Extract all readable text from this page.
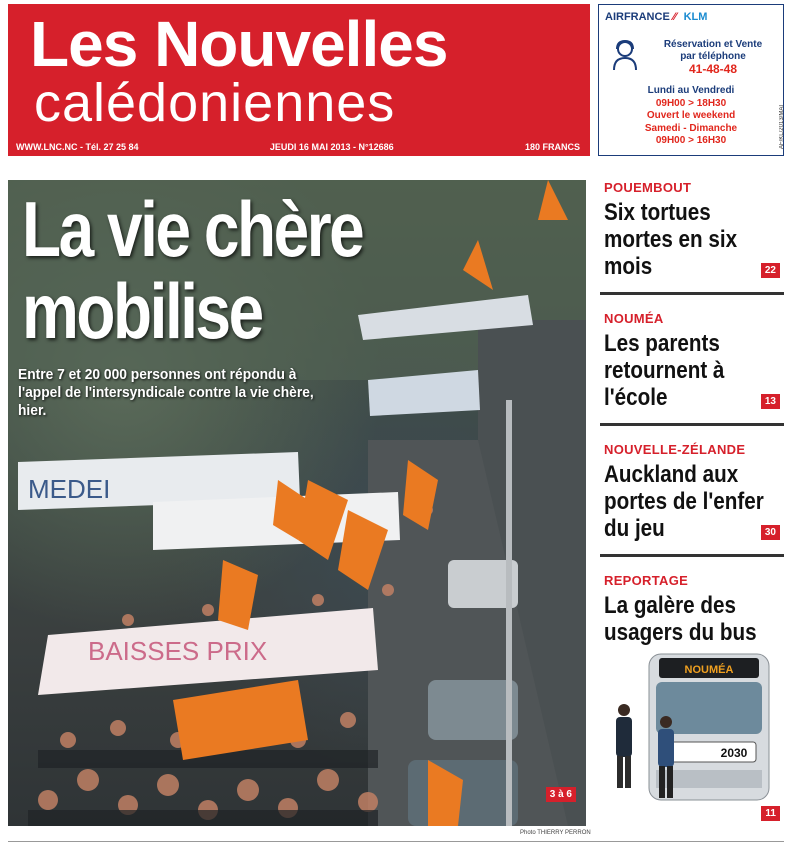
Les Nouvelles
calédoniennes
WWW.LNC.NC - Tél. 27 25 84	JEUDI 16 MAI 2013 - N°12686	180 FRANCS
AIRFRANCE ⁄⁄ KLM
Réservation et Vente
par téléphone
41-48-48
Lundi au Vendredi
09H00 > 18H30
Ouvert le weekend
Samedi - Dimanche
09H00 > 16H30	AF/KL/2013/MAI
MEDEI
BAISSES PRIX
La vie chère
mobilise
Entre 7 et 20 000 personnes ont répondu à l'appel de l'intersyndicale contre la vie chère, hier.
3 à 6
Photo THIERRY PERRON
POUEMBOUT
Six tortues mortes en six mois	22
NOUMÉA
Les parents retournent à l'école	13
NOUVELLE-ZÉLANDE
Auckland aux portes de l'enfer du jeu	30
REPORTAGE
La galère des usagers du bus
NOUMÉA
2030
11
